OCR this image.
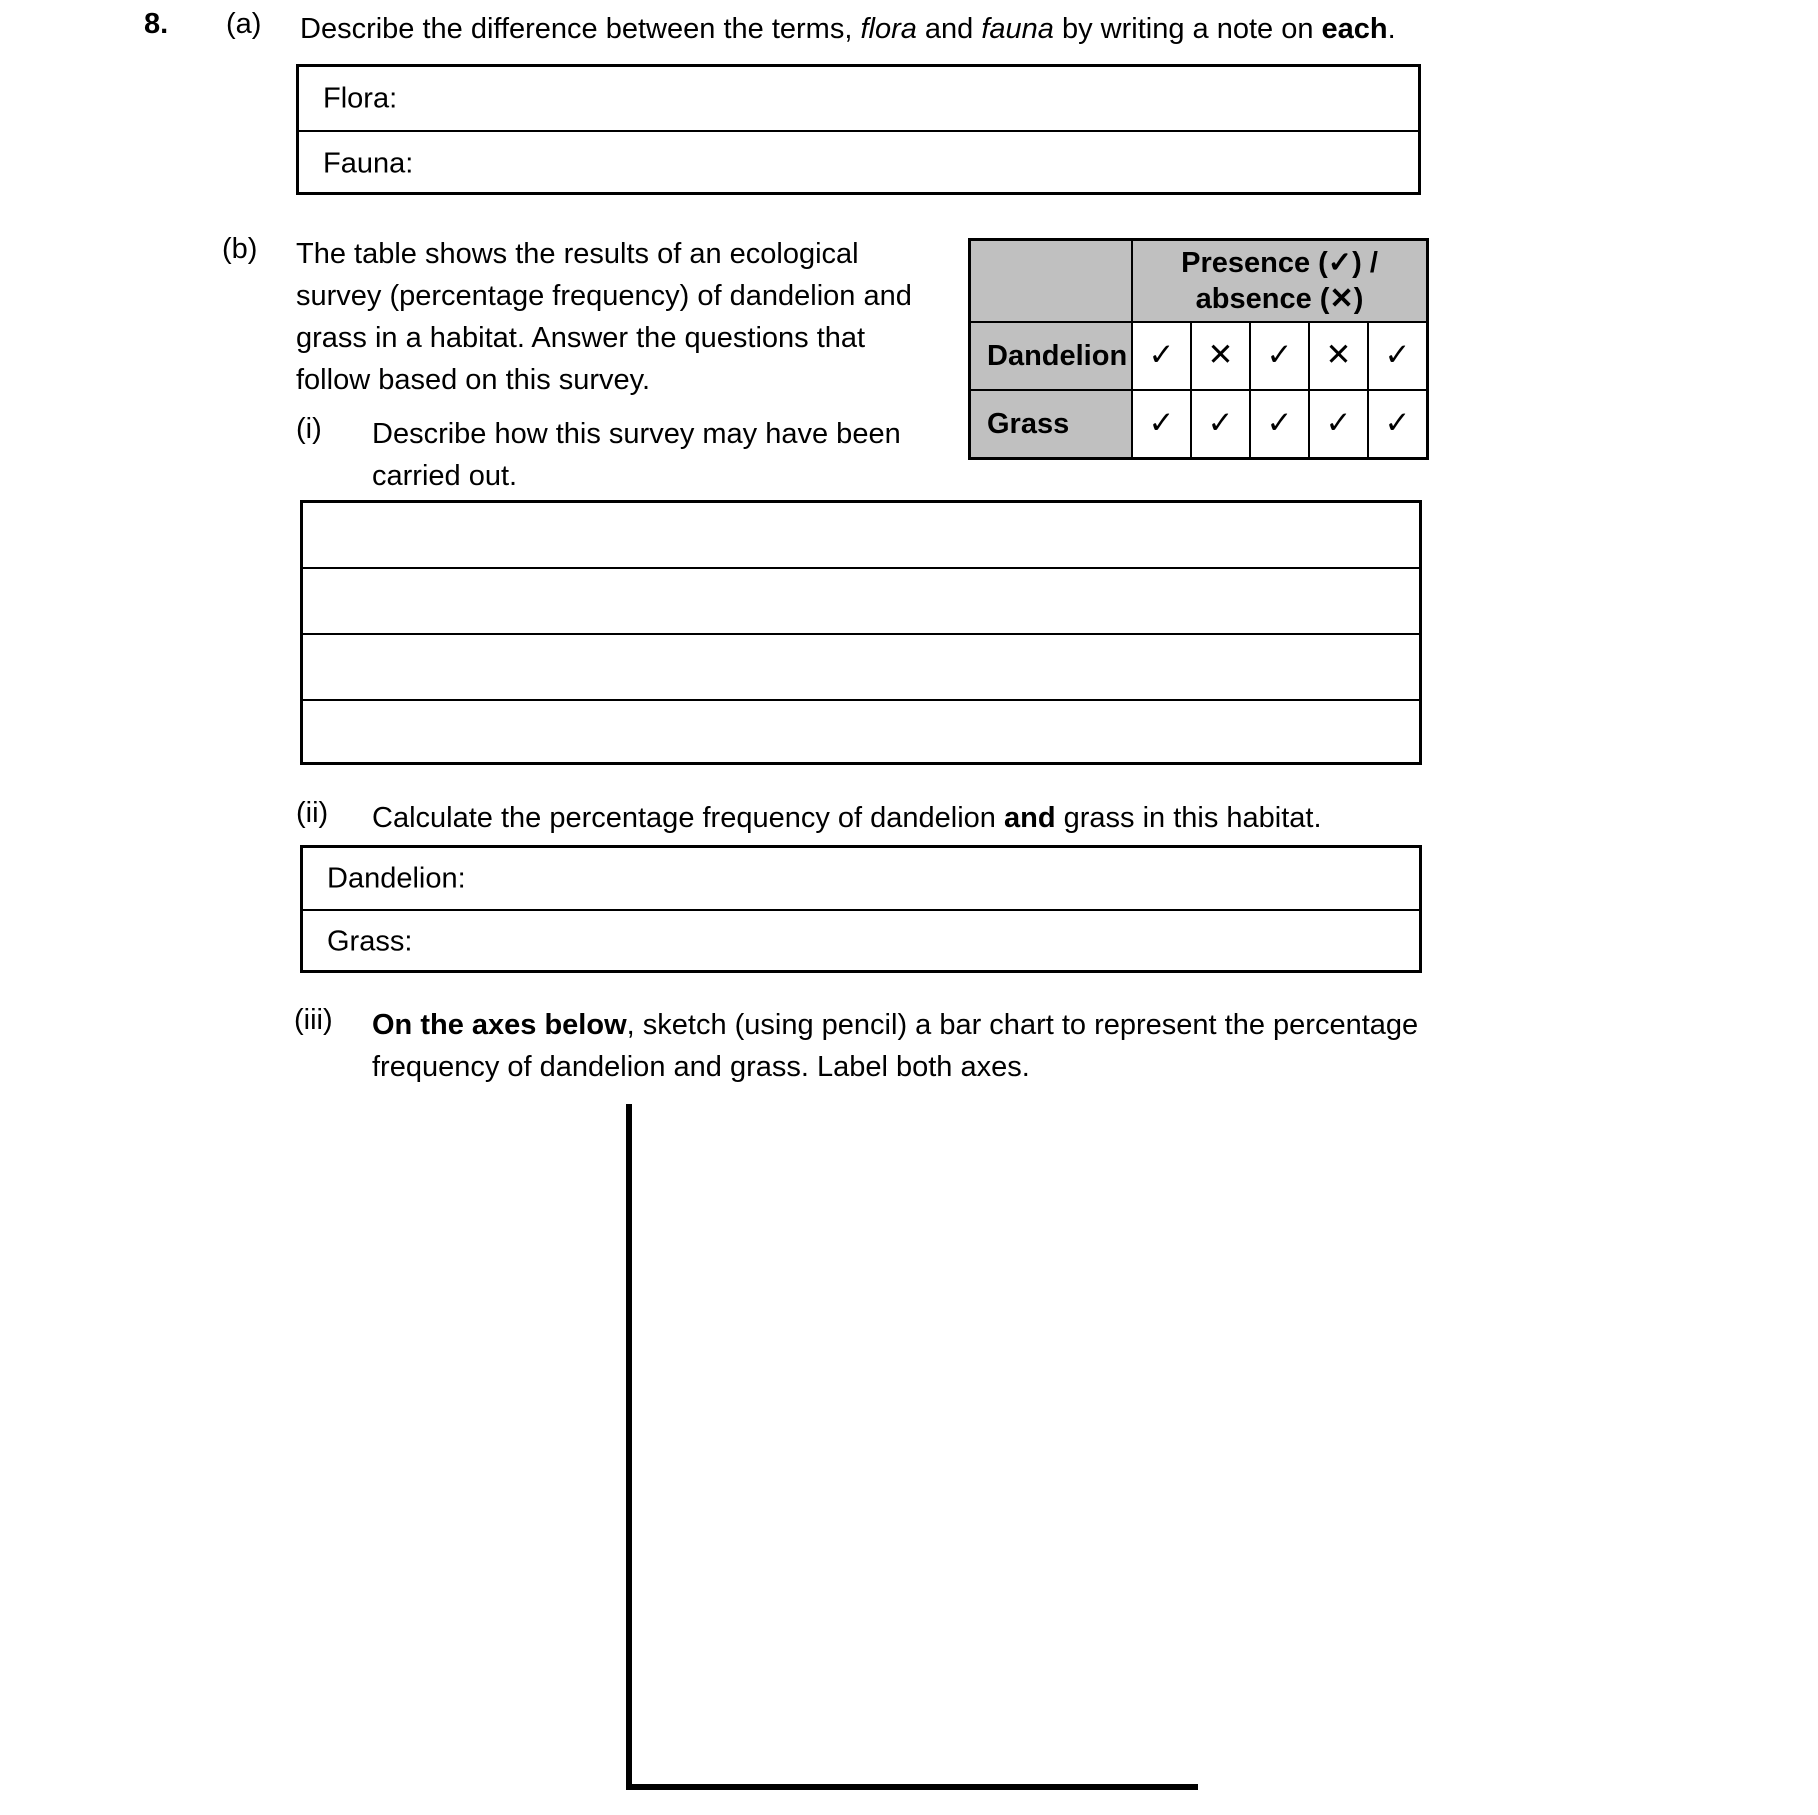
8. (a) Describe the difference between the terms, flora and fauna by writing a note on each.
Flora:
Fauna:
(b) The table shows the results of an ecological
survey (percentage frequency) of dandelion and
grass in a habitat. Answer the questions that
follow based on this survey.

	Presence (✓) /
absence (✕)				

Dandelion	✓	✕	✓	✕	✓
Grass	✓	✓	✓	✓	✓
(i) Describe how this survey may have been
carried out.
(ii) Calculate the percentage frequency of dandelion and grass in this habitat.
Dandelion:
Grass:
(iii) On the axes below, sketch (using pencil) a bar chart to represent the percentage
frequency of dandelion and grass. Label both axes.
